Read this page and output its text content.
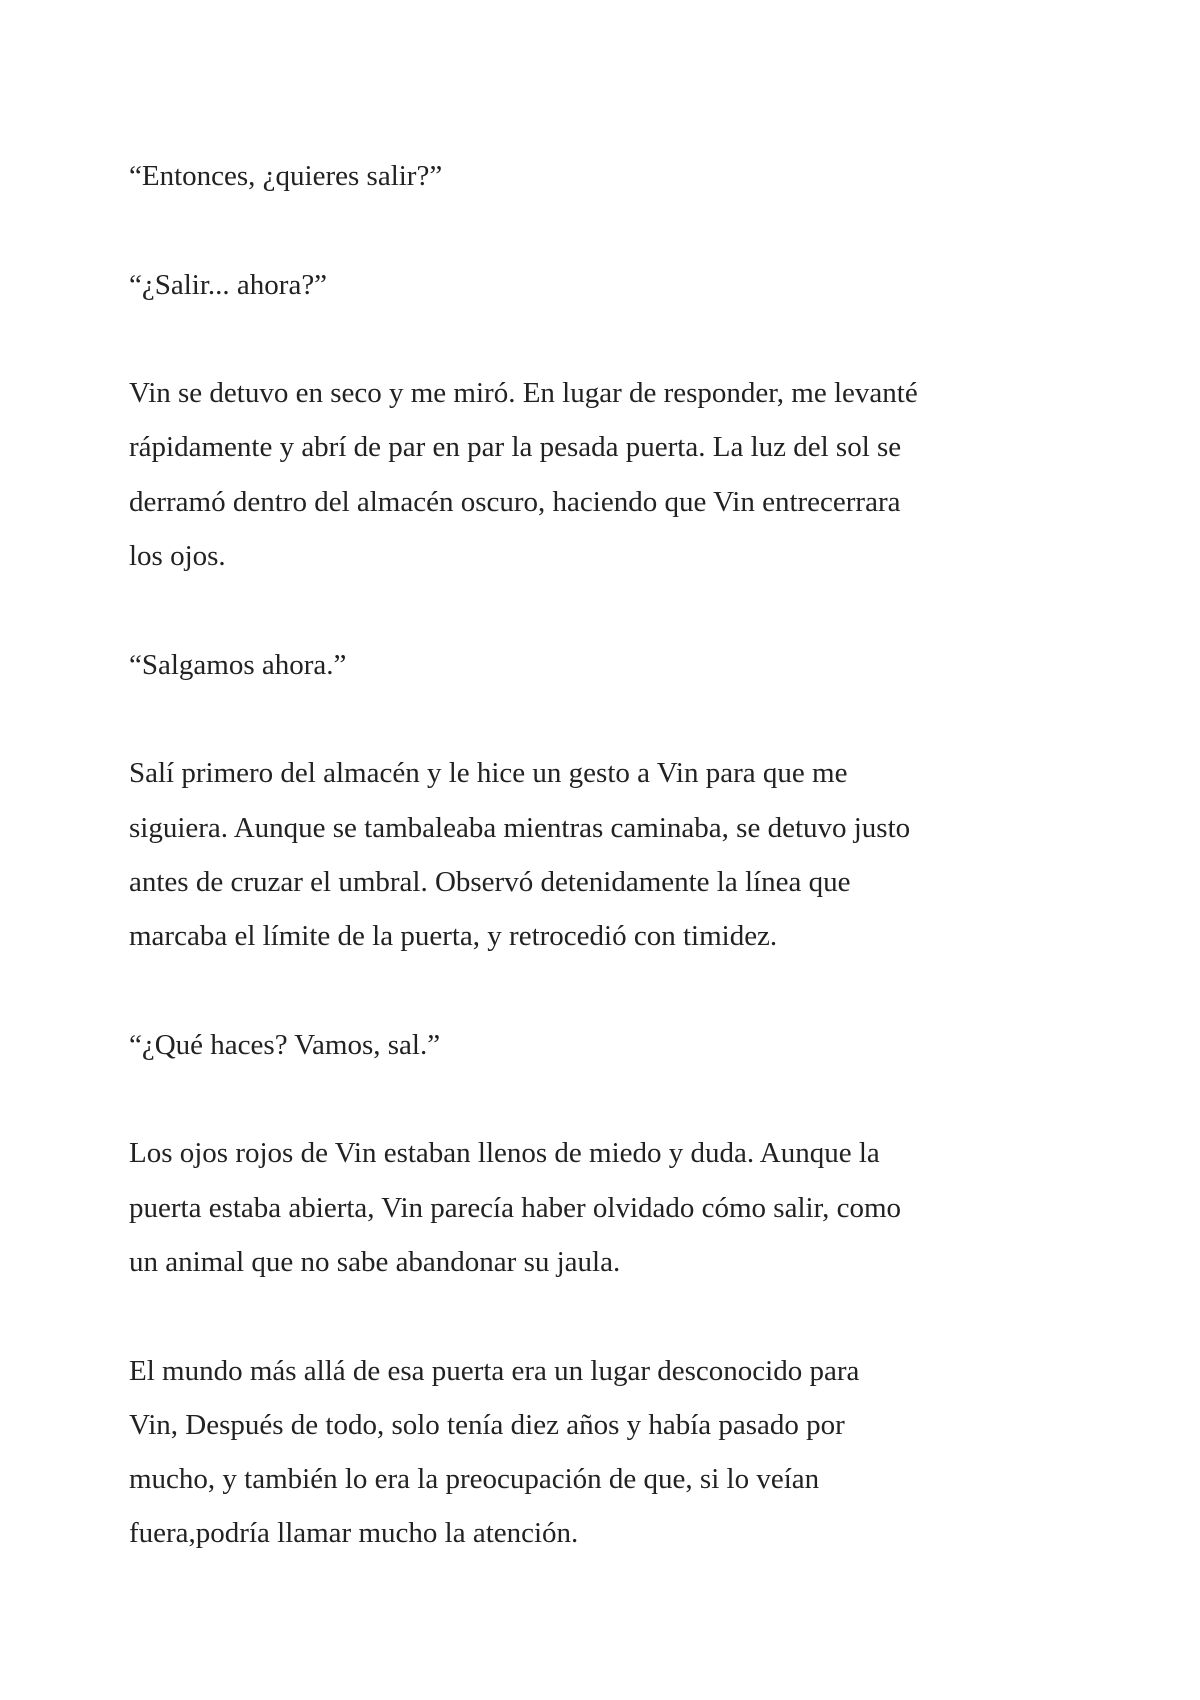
“Entonces, ¿quieres salir?”

“¿Salir... ahora?”

Vin se detuvo en seco y me miró. En lugar de responder, me levanté
rápidamente y abrí de par en par la pesada puerta. La luz del sol se
derramó dentro del almacén oscuro, haciendo que Vin entrecerrara
los ojos.

“Salgamos ahora.”

Salí primero del almacén y le hice un gesto a Vin para que me
siguiera. Aunque se tambaleaba mientras caminaba, se detuvo justo
antes de cruzar el umbral. Observó detenidamente la línea que
marcaba el límite de la puerta, y retrocedió con timidez.

“¿Qué haces? Vamos, sal.”

Los ojos rojos de Vin estaban llenos de miedo y duda. Aunque la
puerta estaba abierta, Vin parecía haber olvidado cómo salir, como
un animal que no sabe abandonar su jaula.

El mundo más allá de esa puerta era un lugar desconocido para
Vin, Después de todo, solo tenía diez años y había pasado por
mucho, y también lo era la preocupación de que, si lo veían
fuera,podría llamar mucho la atención.
